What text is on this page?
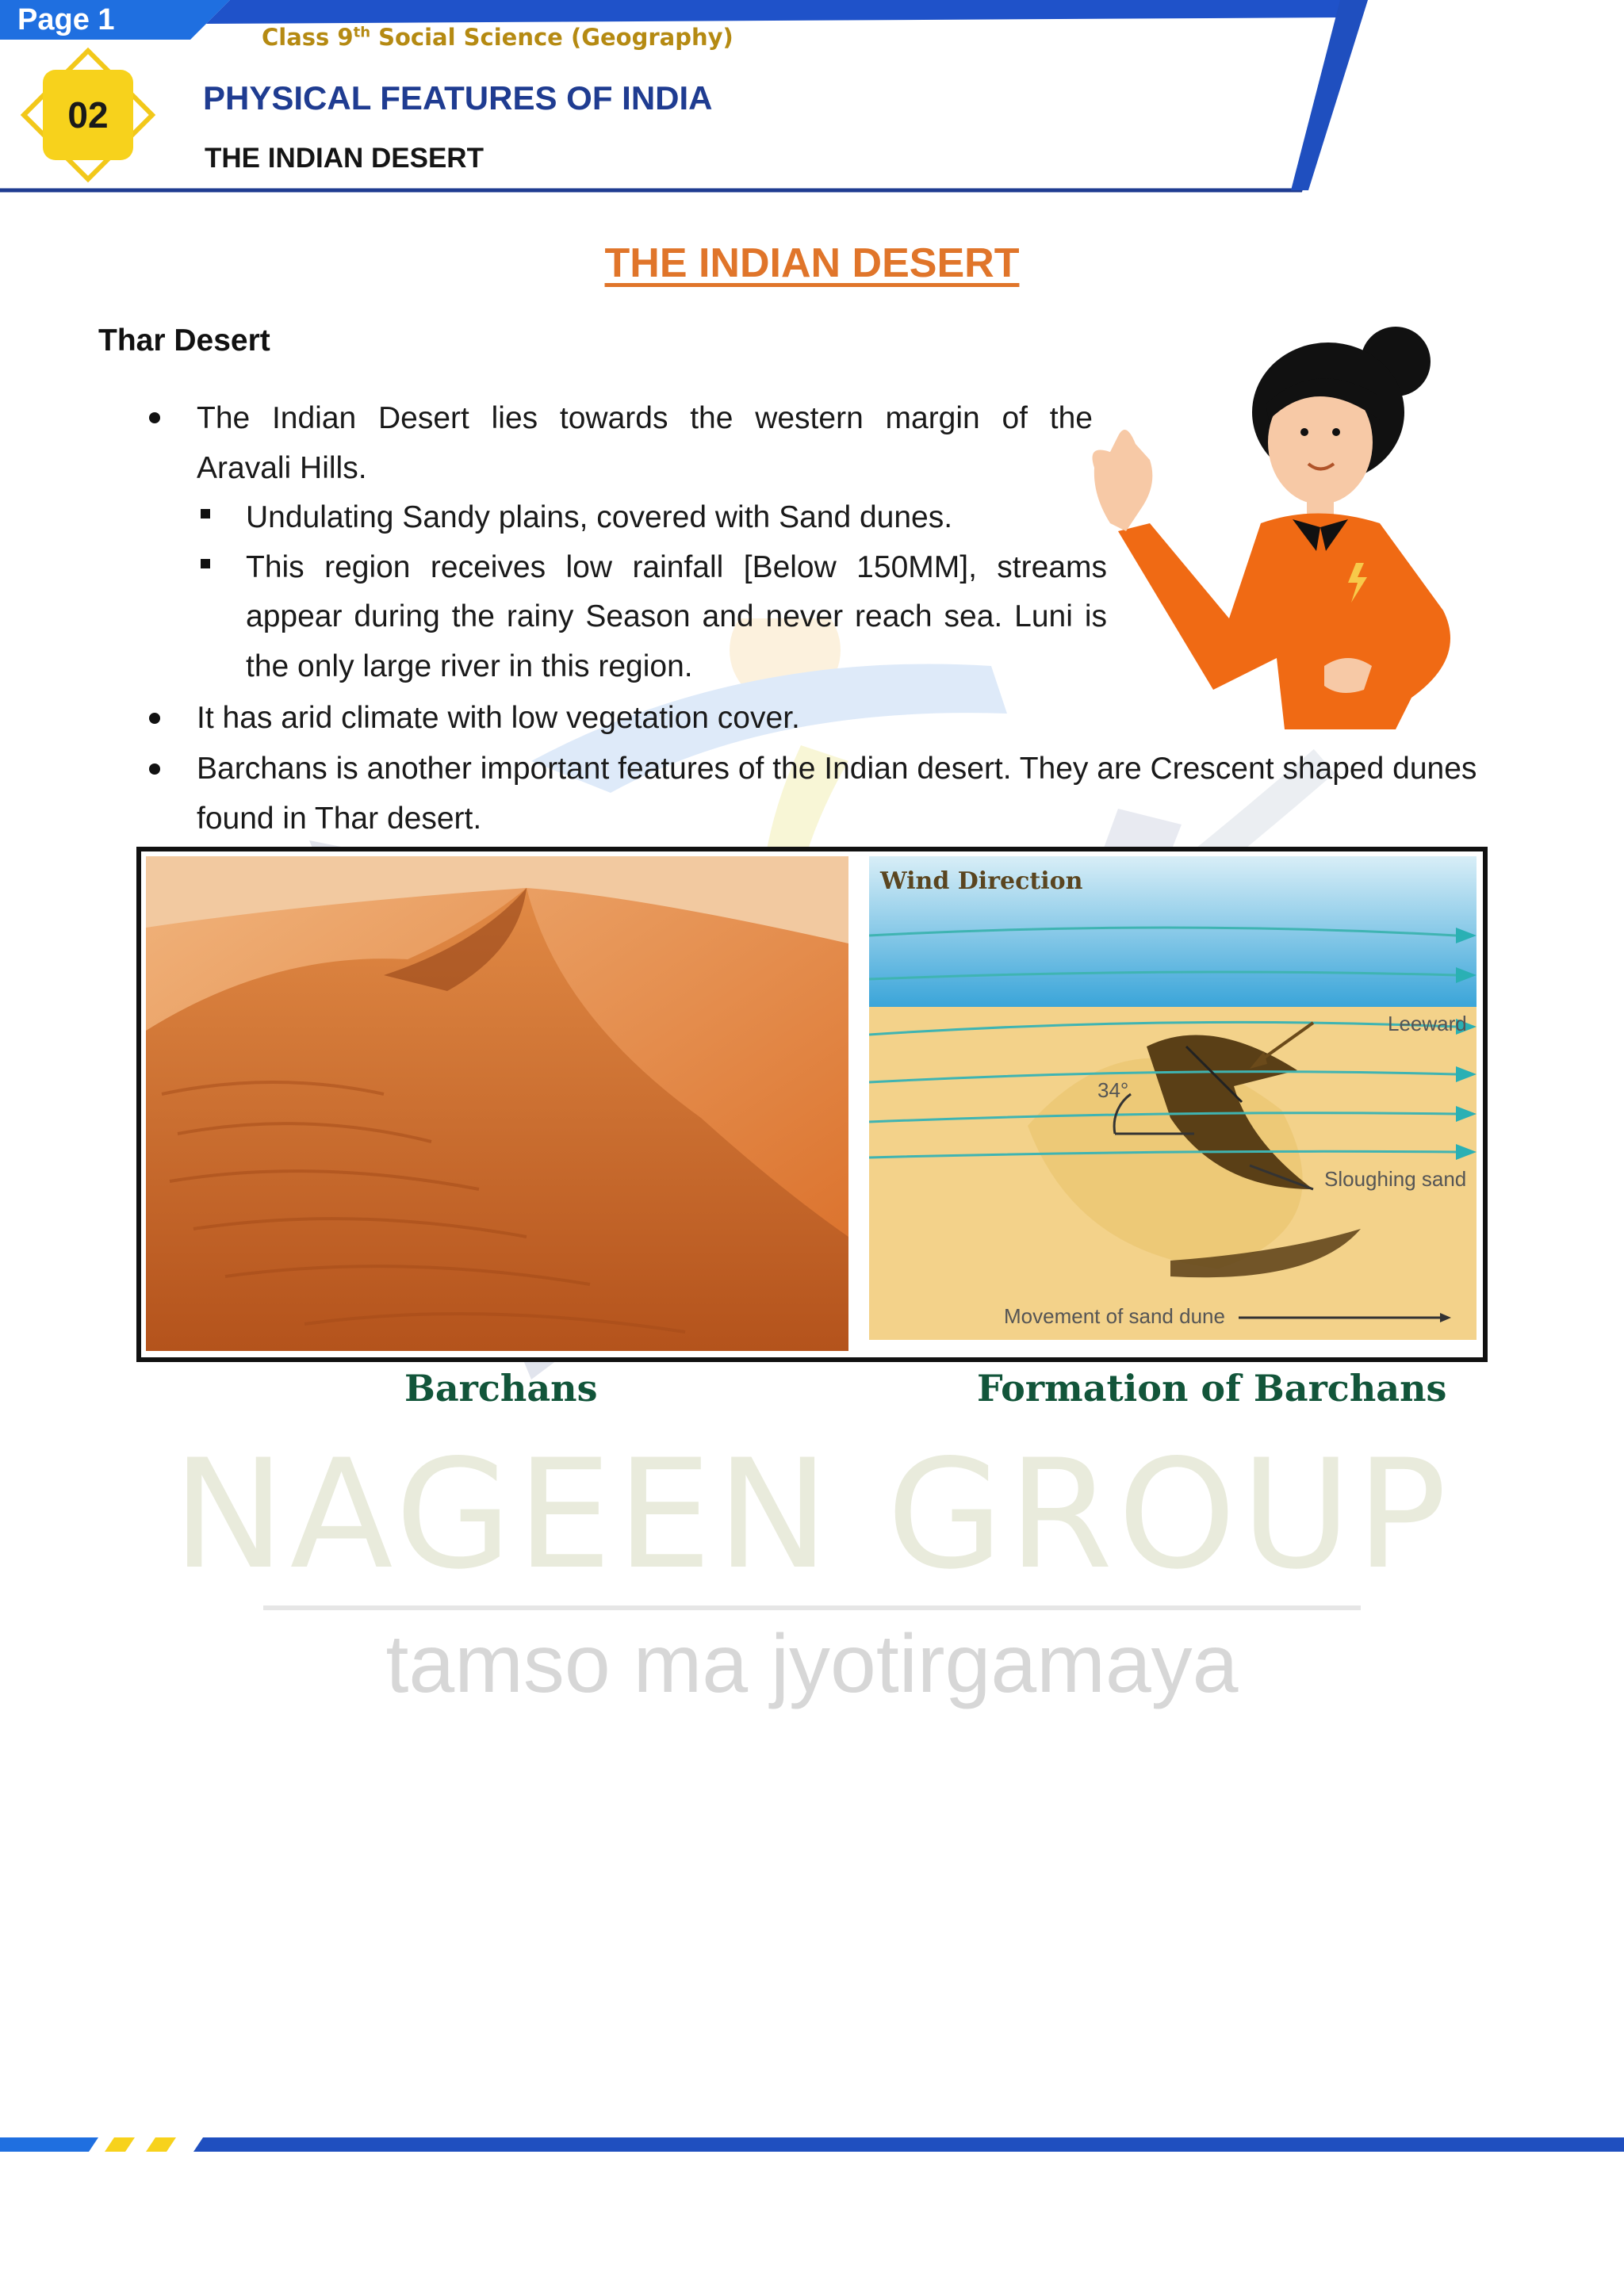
Page 1
Class 9th Social Science (Geography)
02	PHYSICAL FEATURES OF INDIA
THE INDIAN DESERT
NAGEEN GROUP
tamso ma jyotirgamaya
THE INDIAN DESERT
Thar Desert
The Indian Desert lies towards the western margin of the
Aravali Hills.
Undulating Sandy plains, covered with Sand dunes.
This region receives low rainfall [Below 150MM], streams
appear during the rainy Season and never reach sea. Luni is
the only large river in this region.
It has arid climate with low vegetation cover.
Barchans is another important features of the Indian desert. They are Crescent shaped dunes
found in Thar desert.
Wind Direction
Leeward
34°
Sloughing sand
Movement of sand dune
Barchans	Formation of Barchans
